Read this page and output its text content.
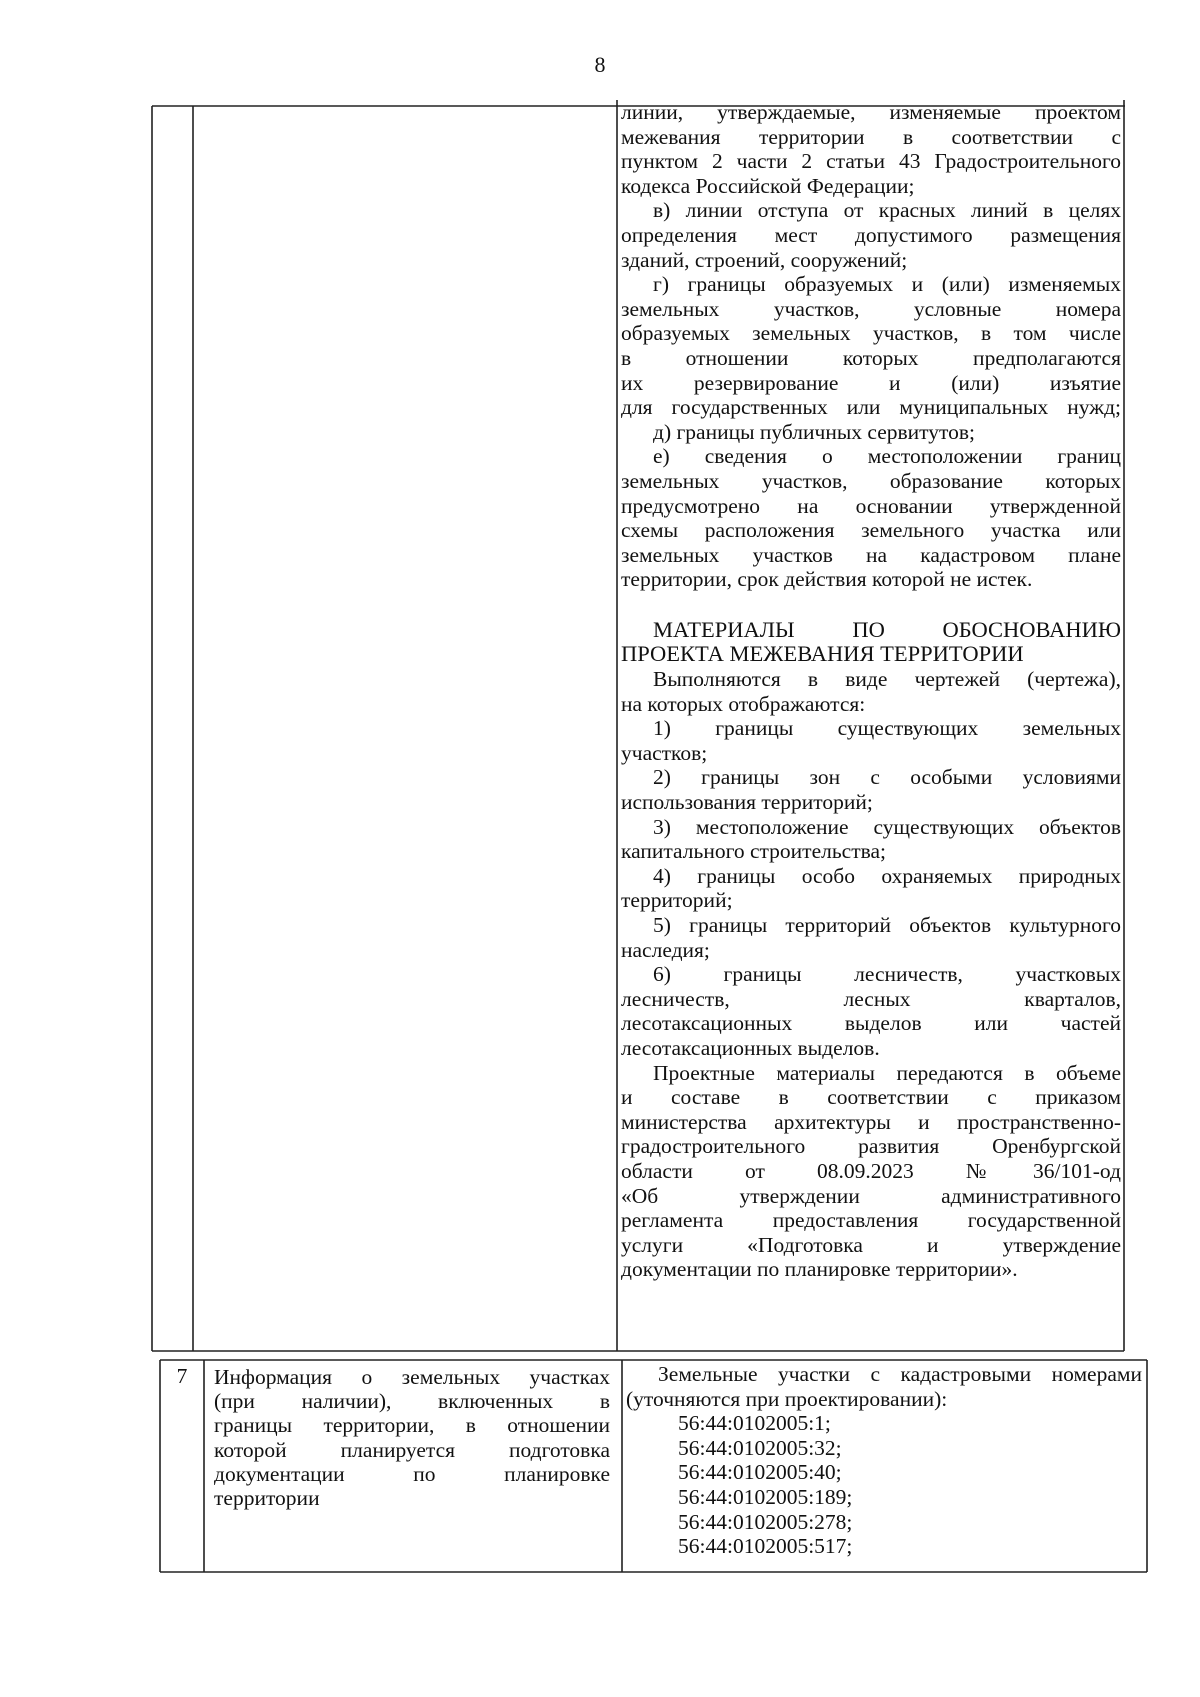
8
линии, утверждаемые, изменяемые проектом
межевания территории в соответствии с
пунктом 2 части 2 статьи 43 Градостроительного
кодекса Российской Федерации;
в) линии отступа от красных линий в целях
определения мест допустимого размещения
зданий, строений, сооружений;
г) границы образуемых и (или) изменяемых
земельных участков, условные номера
образуемых земельных участков, в том числе
в отношении которых предполагаются
их резервирование и (или) изъятие
для государственных или муниципальных нужд;
д) границы публичных сервитутов;
е) сведения о местоположении границ
земельных участков, образование которых
предусмотрено на основании утвержденной
схемы расположения земельного участка или
земельных участков на кадастровом плане
территории, срок действия которой не истек.
МАТЕРИАЛЫ ПО ОБОСНОВАНИЮ
ПРОЕКТА МЕЖЕВАНИЯ ТЕРРИТОРИИ
Выполняются в виде чертежей (чертежа),
на которых отображаются:
1) границы существующих земельных
участков;
2) границы зон с особыми условиями
использования территорий;
3) местоположение существующих объектов
капитального строительства;
4) границы особо охраняемых природных
территорий;
5) границы территорий объектов культурного
наследия;
6) границы лесничеств, участковых
лесничеств, лесных кварталов,
лесотаксационных выделов или частей
лесотаксационных выделов.
Проектные материалы передаются в объеме
и составе в соответствии с приказом
министерства архитектуры и пространственно-
градостроительного развития Оренбургской
области от 08.09.2023 №36/101-од
«Об утверждении административного
регламента предоставления государственной
услуги «Подготовка и утверждение
документации по планировке территории».
7	Информация о земельных участках
(при наличии), включенных в
границы территории, в отношении
которой планируется подготовка
документации по планировке
территории
Земельные участки с кадастровыми номерами
(уточняются при проектировании):
56:44:0102005:1;
56:44:0102005:32;
56:44:0102005:40;
56:44:0102005:189;
56:44:0102005:278;
56:44:0102005:517;
